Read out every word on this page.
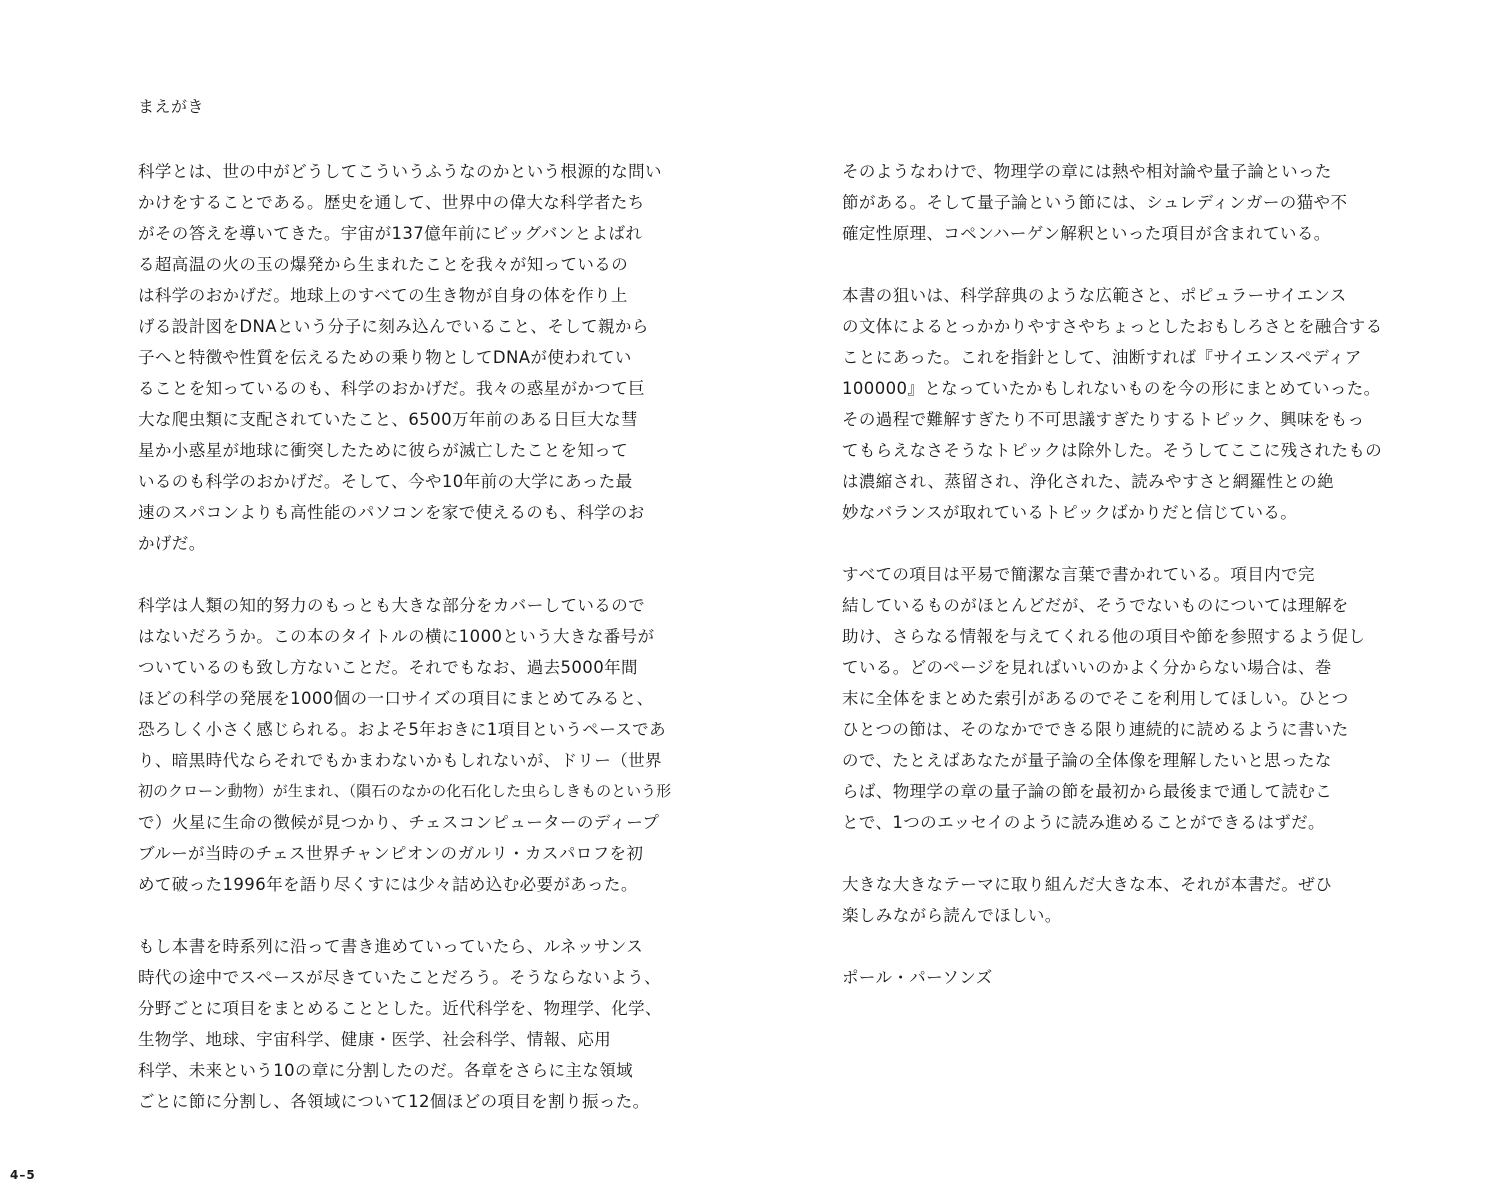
まえがき
科学とは、世の中がどうしてこういうふうなのかという根源的な問い
かけをすることである。歴史を通して、世界中の偉大な科学者たち
がその答えを導いてきた。宇宙が137億年前にビッグバンとよばれ
る超高温の火の玉の爆発から生まれたことを我々が知っているの
は科学のおかげだ。地球上のすべての生き物が自身の体を作り上
げる設計図をDNAという分子に刻み込んでいること、そして親から
子へと特徴や性質を伝えるための乗り物としてDNAが使われてい
ることを知っているのも、科学のおかげだ。我々の惑星がかつて巨
大な爬虫類に支配されていたこと、6500万年前のある日巨大な彗
星か小惑星が地球に衝突したために彼らが滅亡したことを知って
いるのも科学のおかげだ。そして、今や10年前の大学にあった最
速のスパコンよりも高性能のパソコンを家で使えるのも、科学のお
かげだ。
科学は人類の知的努力のもっとも大きな部分をカバーしているので
はないだろうか。この本のタイトルの横に1000という大きな番号が
ついているのも致し方ないことだ。それでもなお、過去5000年間
ほどの科学の発展を1000個の一口サイズの項目にまとめてみると、
恐ろしく小さく感じられる。およそ5年おきに1項目というペースであ
り、暗黒時代ならそれでもかまわないかもしれないが、ドリー（世界
初のクローン動物）が生まれ、（隕石のなかの化石化した虫らしきものという形
で）火星に生命の徴候が見つかり、チェスコンピューターのディープ
ブルーが当時のチェス世界チャンピオンのガルリ・カスパロフを初
めて破った1996年を語り尽くすには少々詰め込む必要があった。
もし本書を時系列に沿って書き進めていっていたら、ルネッサンス
時代の途中でスペースが尽きていたことだろう。そうならないよう、
分野ごとに項目をまとめることとした。近代科学を、物理学、化学、
生物学、地球、宇宙科学、健康・医学、社会科学、情報、応用
科学、未来という10の章に分割したのだ。各章をさらに主な領域
ごとに節に分割し、各領域について12個ほどの項目を割り振った。
そのようなわけで、物理学の章には熱や相対論や量子論といった
節がある。そして量子論という節には、シュレディンガーの猫や不
確定性原理、コペンハーゲン解釈といった項目が含まれている。
本書の狙いは、科学辞典のような広範さと、ポピュラーサイエンス
の文体によるとっかかりやすさやちょっとしたおもしろさとを融合する
ことにあった。これを指針として、油断すれば『サイエンスペディア
100000』となっていたかもしれないものを今の形にまとめていった。
その過程で難解すぎたり不可思議すぎたりするトピック、興味をもっ
てもらえなさそうなトピックは除外した。そうしてここに残されたもの
は濃縮され、蒸留され、浄化された、読みやすさと網羅性との絶
妙なバランスが取れているトピックばかりだと信じている。
すべての項目は平易で簡潔な言葉で書かれている。項目内で完
結しているものがほとんどだが、そうでないものについては理解を
助け、さらなる情報を与えてくれる他の項目や節を参照するよう促し
ている。どのページを見ればいいのかよく分からない場合は、巻
末に全体をまとめた索引があるのでそこを利用してほしい。ひとつ
ひとつの節は、そのなかでできる限り連続的に読めるように書いた
ので、たとえばあなたが量子論の全体像を理解したいと思ったな
らば、物理学の章の量子論の節を最初から最後まで通して読むこ
とで、1つのエッセイのように読み進めることができるはずだ。
大きな大きなテーマに取り組んだ大きな本、それが本書だ。ぜひ
楽しみながら読んでほしい。
ポール・パーソンズ
4–5
